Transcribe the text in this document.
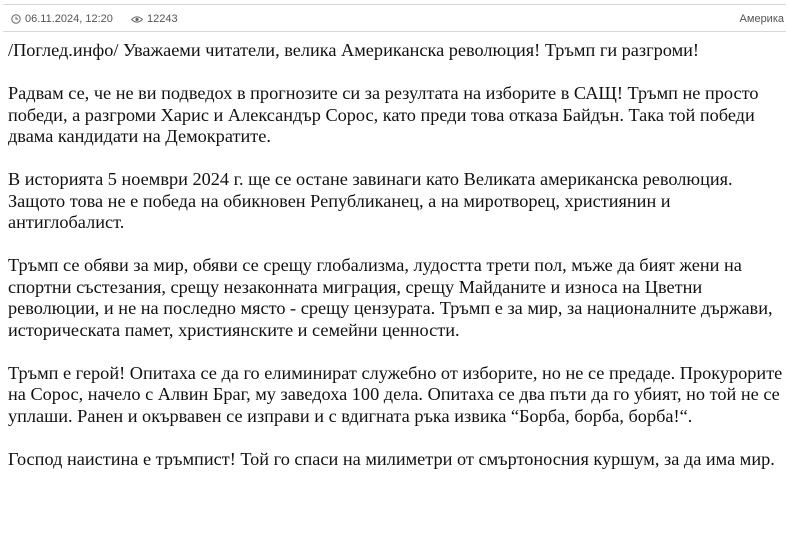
06.11.2024, 12:20	12243	Америка

/Поглед.инфо/ Уважаеми читатели, велика Американска революция! Тръмп ги разгроми!

Радвам се, че не ви подведох в прогнозите си за резултата на изборите в САЩ! Тръмп не просто победи, а разгроми Харис и Александър Сорос, като преди това отказа Байдън. Така той победи двама кандидати на Демократите.

В историята 5 ноември 2024 г. ще се остане завинаги като Великата американска революция. Защото това не е победа на обикновен Републиканец, а на миротворец, християнин и антиглобалист.

Тръмп се обяви за мир, обяви се срещу глобализма, лудостта трети пол, мъже да бият жени на спортни състезания, срещу незаконната миграция, срещу Майданите и износа на Цветни революции, и не на последно място - срещу цензурата. Тръмп е за мир, за националните държави, историческата памет, християнските и семейни ценности.

Тръмп е герой! Опитаха се да го елиминират служебно от изборите, но не се предаде. Прокурорите на Сорос, начело с Алвин Браг, му заведоха 100 дела. Опитаха се два пъти да го убият, но той не се уплаши. Ранен и окървавен се изправи и с вдигната ръка извика “Борба, борба, борба!“.

Господ наистина е тръмпист! Той го спаси на милиметри от смъртоносния куршум, за да има мир.
